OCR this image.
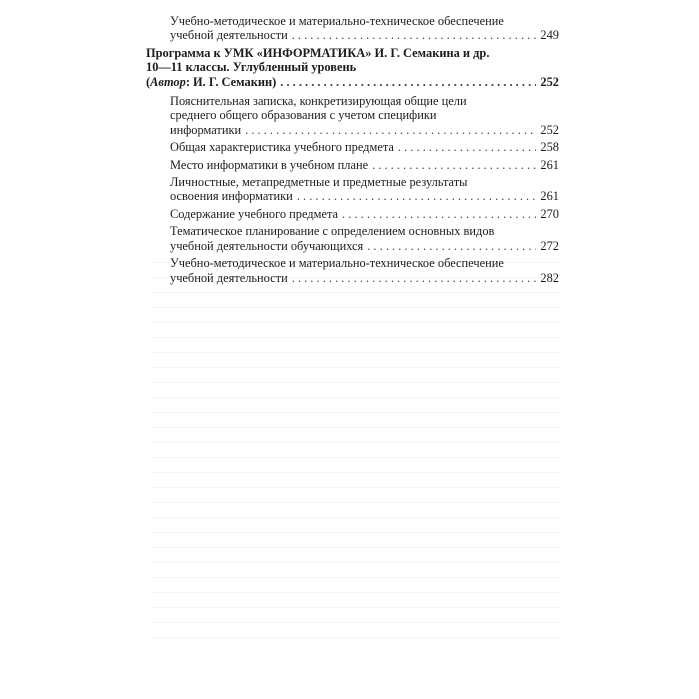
Учебно-методическое и материально-техническое обеспечение
учебной деятельности . . .	249
Программа к УМК «ИНФОРМАТИКА» И. Г. Семакина и др.
10—11 классы. Углубленный уровень
(Автор: И. Г. Семакин) . . .	252
Пояснительная записка, конкретизирующая общие цели
среднего общего образования с учетом специфики
информатики . . .	252
Общая характеристика учебного предмета . . .	258
Место информатики в учебном плане . . .	261
Личностные, метапредметные и предметные результаты
освоения информатики . . .	261
Содержание учебного предмета . . .	270
Тематическое планирование с определением основных видов
учебной деятельности обучающихся . . .	272
Учебно-методическое и материально-техническое обеспечение
учебной деятельности . . .	282
